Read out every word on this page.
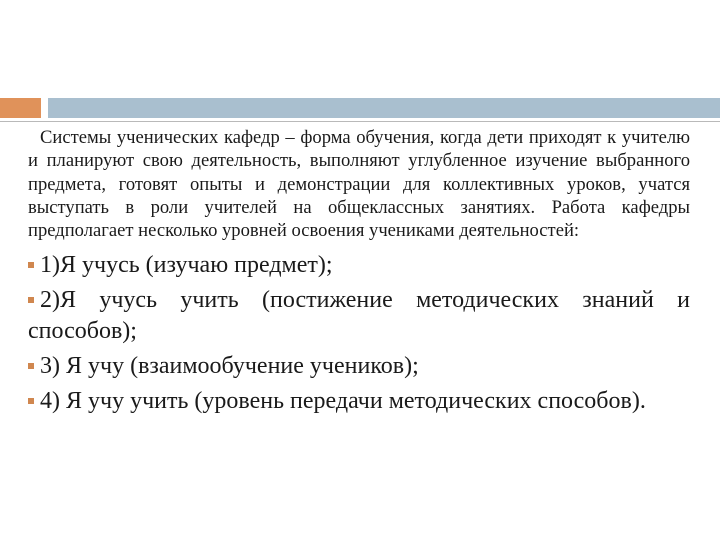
Системы ученических кафедр – форма обучения, когда дети приходят к учителю и планируют свою деятельность, выполняют углубленное изучение выбранного предмета, готовят опыты и демонстрации для коллективных уроков, учатся выступать в роли учителей на общеклассных занятиях. Работа кафедры предполагает несколько уровней освоения учениками деятельностей:

1)Я учусь (изучаю предмет);
2)Я учусь учить (постижение методических знаний и способов);
3) Я учу (взаимообучение учеников);
4) Я учу учить (уровень передачи методических способов).
